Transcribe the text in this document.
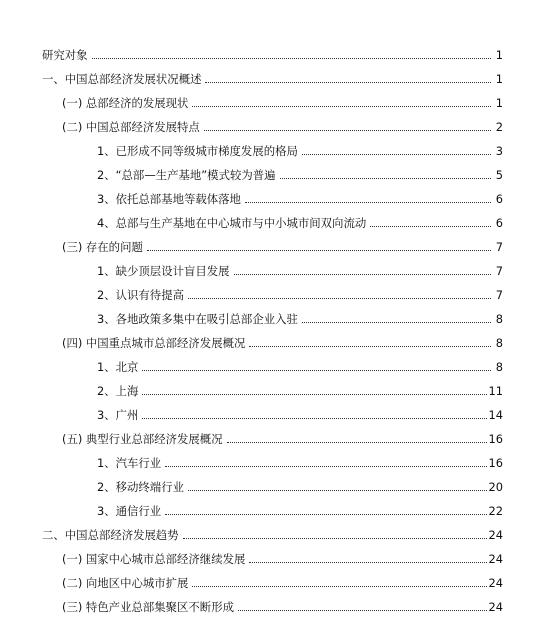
研究对象	1
一、中国总部经济发展状况概述	1
(一) 总部经济的发展现状	1
(二) 中国总部经济发展特点	2
1、已形成不同等级城市梯度发展的格局	3
2、“总部—生产基地”模式较为普遍	5
3、依托总部基地等载体落地	6
4、总部与生产基地在中心城市与中小城市间双向流动	6
(三) 存在的问题	7
1、缺少顶层设计盲目发展	7
2、认识有待提高	7
3、各地政策多集中在吸引总部企业入驻	8
(四) 中国重点城市总部经济发展概况	8
1、北京	8
2、上海	11
3、广州	14
(五) 典型行业总部经济发展概况	16
1、汽车行业	16
2、移动终端行业	20
3、通信行业	22
二、中国总部经济发展趋势	24
(一) 国家中心城市总部经济继续发展	24
(二) 向地区中心城市扩展	24
(三) 特色产业总部集聚区不断形成	24
